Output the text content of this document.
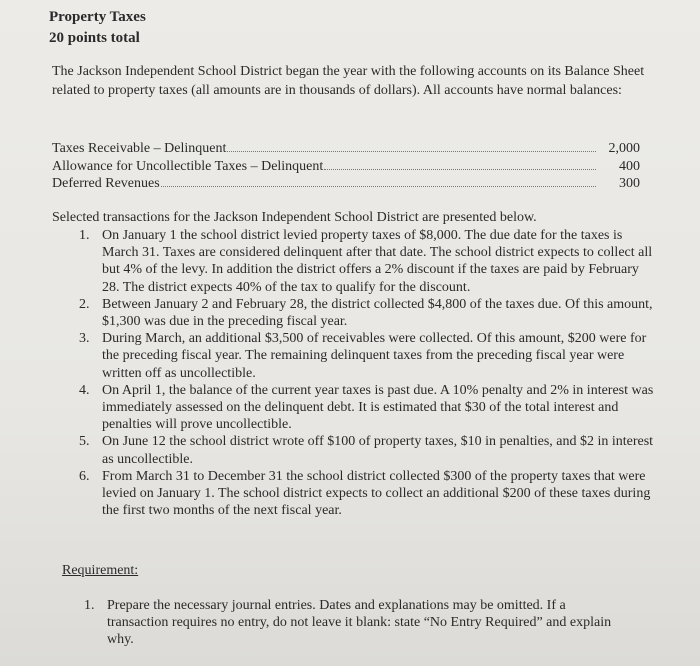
Property Taxes
20 points total
The Jackson Independent School District began the year with the following accounts on its Balance Sheet related to property taxes (all amounts are in thousands of dollars). All accounts have normal balances:
Taxes Receivable – Delinquent	2,000
Allowance for Uncollectible Taxes – Delinquent	400
Deferred Revenues	300
Selected transactions for the Jackson Independent School District are presented below.
1. On January 1 the school district levied property taxes of $8,000. The due date for the taxes is March 31. Taxes are considered delinquent after that date. The school district expects to collect all but 4% of the levy. In addition the district offers a 2% discount if the taxes are paid by February 28. The district expects 40% of the tax to qualify for the discount.
2. Between January 2 and February 28, the district collected $4,800 of the taxes due. Of this amount, $1,300 was due in the preceding fiscal year.
3. During March, an additional $3,500 of receivables were collected. Of this amount, $200 were for the preceding fiscal year. The remaining delinquent taxes from the preceding fiscal year were written off as uncollectible.
4. On April 1, the balance of the current year taxes is past due. A 10% penalty and 2% in interest was immediately assessed on the delinquent debt. It is estimated that $30 of the total interest and penalties will prove uncollectible.
5. On June 12 the school district wrote off $100 of property taxes, $10 in penalties, and $2 in interest as uncollectible.
6. From March 31 to December 31 the school district collected $300 of the property taxes that were levied on January 1. The school district expects to collect an additional $200 of these taxes during the first two months of the next fiscal year.
Requirement:
1. Prepare the necessary journal entries. Dates and explanations may be omitted. If a transaction requires no entry, do not leave it blank: state “No Entry Required” and explain why.
